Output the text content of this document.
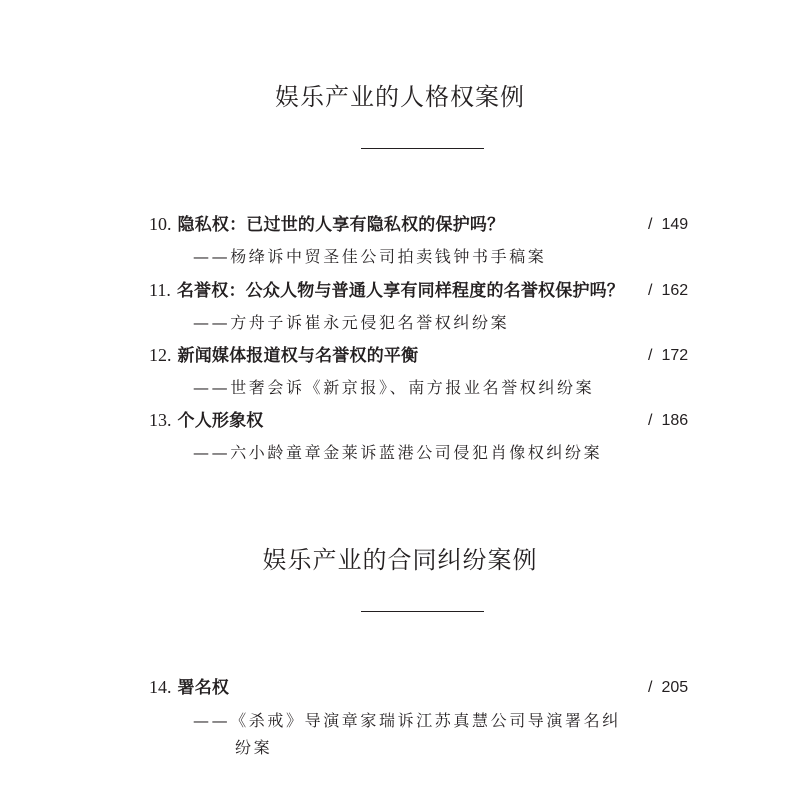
娱乐产业的人格权案例
10. 隐私权：已过世的人享有隐私权的保护吗？	/ 149
——杨绛诉中贸圣佳公司拍卖钱钟书手稿案
11. 名誉权：公众人物与普通人享有同样程度的名誉权保护吗？ / 162
——方舟子诉崔永元侵犯名誉权纠纷案
12. 新闻媒体报道权与名誉权的平衡	/ 172
——世奢会诉《新京报》、南方报业名誉权纠纷案
13. 个人形象权	/ 186
——六小龄童章金莱诉蓝港公司侵犯肖像权纠纷案
娱乐产业的合同纠纷案例
14. 署名权	/ 205
——《杀戒》导演章家瑞诉江苏真慧公司导演署名纠
纷案
